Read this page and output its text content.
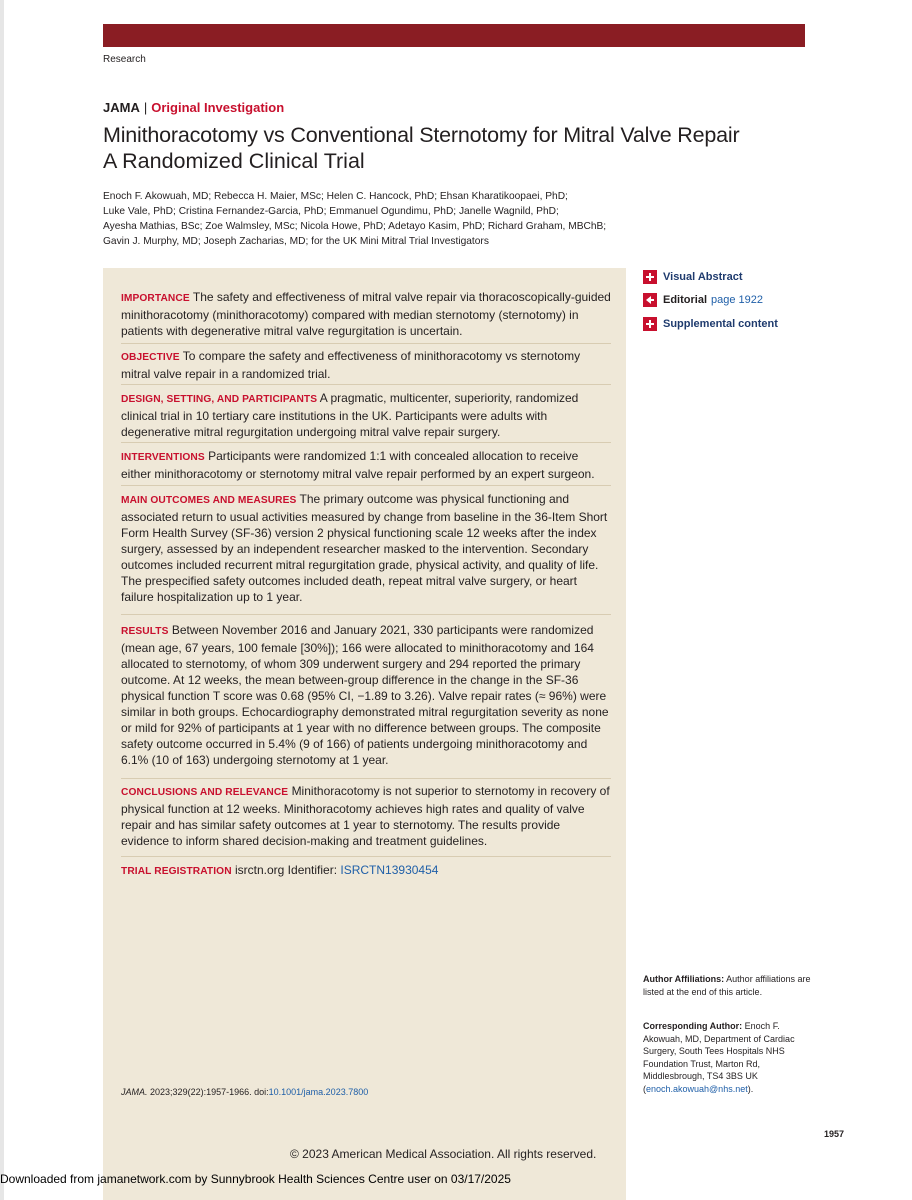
Research
JAMA | Original Investigation
Minithoracotomy vs Conventional Sternotomy for Mitral Valve Repair
A Randomized Clinical Trial
Enoch F. Akowuah, MD; Rebecca H. Maier, MSc; Helen C. Hancock, PhD; Ehsan Kharatikoopaei, PhD;
Luke Vale, PhD; Cristina Fernandez-Garcia, PhD; Emmanuel Ogundimu, PhD; Janelle Wagnild, PhD;
Ayesha Mathias, BSc; Zoe Walmsley, MSc; Nicola Howe, PhD; Adetayo Kasim, PhD; Richard Graham, MBChB;
Gavin J. Murphy, MD; Joseph Zacharias, MD; for the UK Mini Mitral Trial Investigators
IMPORTANCE The safety and effectiveness of mitral valve repair via thoracoscopically-guided minithoracotomy (minithoracotomy) compared with median sternotomy (sternotomy) in patients with degenerative mitral valve regurgitation is uncertain.
OBJECTIVE To compare the safety and effectiveness of minithoracotomy vs sternotomy mitral valve repair in a randomized trial.
DESIGN, SETTING, AND PARTICIPANTS A pragmatic, multicenter, superiority, randomized clinical trial in 10 tertiary care institutions in the UK. Participants were adults with degenerative mitral regurgitation undergoing mitral valve repair surgery.
INTERVENTIONS Participants were randomized 1:1 with concealed allocation to receive either minithoracotomy or sternotomy mitral valve repair performed by an expert surgeon.
MAIN OUTCOMES AND MEASURES The primary outcome was physical functioning and associated return to usual activities measured by change from baseline in the 36-Item Short Form Health Survey (SF-36) version 2 physical functioning scale 12 weeks after the index surgery, assessed by an independent researcher masked to the intervention. Secondary outcomes included recurrent mitral regurgitation grade, physical activity, and quality of life. The prespecified safety outcomes included death, repeat mitral valve surgery, or heart failure hospitalization up to 1 year.
RESULTS Between November 2016 and January 2021, 330 participants were randomized (mean age, 67 years, 100 female [30%]); 166 were allocated to minithoracotomy and 164 allocated to sternotomy, of whom 309 underwent surgery and 294 reported the primary outcome. At 12 weeks, the mean between-group difference in the change in the SF-36 physical function T score was 0.68 (95% CI, −1.89 to 3.26). Valve repair rates (≈ 96%) were similar in both groups. Echocardiography demonstrated mitral regurgitation severity as none or mild for 92% of participants at 1 year with no difference between groups. The composite safety outcome occurred in 5.4% (9 of 166) of patients undergoing minithoracotomy and 6.1% (10 of 163) undergoing sternotomy at 1 year.
CONCLUSIONS AND RELEVANCE Minithoracotomy is not superior to sternotomy in recovery of physical function at 12 weeks. Minithoracotomy achieves high rates and quality of valve repair and has similar safety outcomes at 1 year to sternotomy. The results provide evidence to inform shared decision-making and treatment guidelines.
TRIAL REGISTRATION isrctn.org Identifier: ISRCTN13930454
Visual Abstract
Editorial page 1922
Supplemental content
Author Affiliations: Author affiliations are listed at the end of this article.
Corresponding Author: Enoch F. Akowuah, MD, Department of Cardiac Surgery, South Tees Hospitals NHS Foundation Trust, Marton Rd, Middlesbrough, TS4 3BS UK (enoch.akowuah@nhs.net).
JAMA. 2023;329(22):1957-1966. doi:10.1001/jama.2023.7800
1957
© 2023 American Medical Association. All rights reserved.
Downloaded from jamanetwork.com by Sunnybrook Health Sciences Centre user on 03/17/2025
